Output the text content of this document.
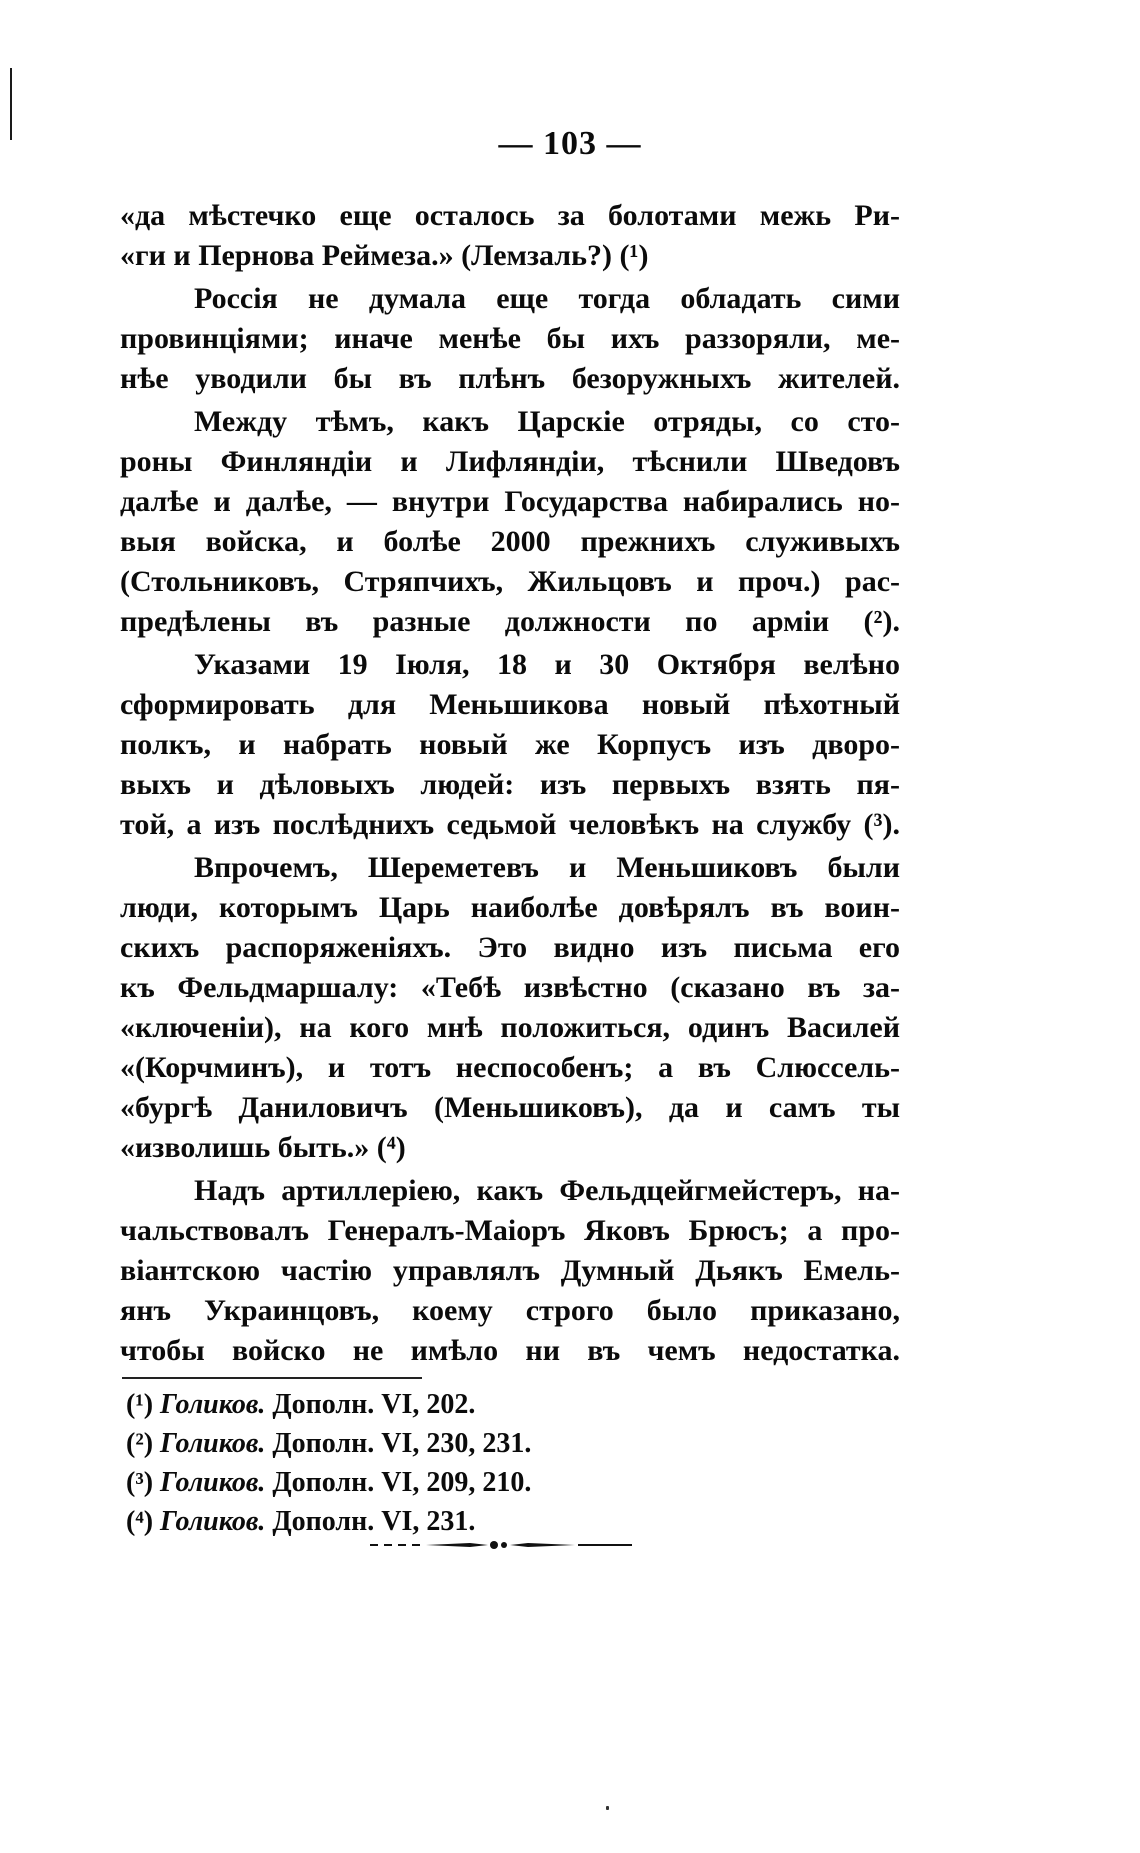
— 103 —
«да мѣстечко еще осталось за болотами межь Ри-
«ги и Пернова Реймеза.» (Лемзаль?) (¹)
Россія не думала еще тогда обладать сими
провинціями; иначе менѣе бы ихъ раззоряли, ме-
нѣе уводили бы въ плѣнъ безоружныхъ жителей.
Между тѣмъ, какъ Царскіе отряды, со сто-
роны Финляндіи и Лифляндіи, тѣснили Шведовъ
далѣе и далѣе, — внутри Государства набирались но-
выя войска, и болѣе 2000 прежнихъ служивыхъ
(Стольниковъ, Стряпчихъ, Жильцовъ и проч.) рас-
предѣлены въ разные должности по арміи (²).
Указами 19 Іюля, 18 и 30 Октября велѣно
сформировать для Меньшикова новый пѣхотный
полкъ, и набрать новый же Корпусъ изъ дворо-
выхъ и дѣловыхъ людей: изъ первыхъ взять пя-
той, а изъ послѣднихъ седьмой человѣкъ на службу (³).
Впрочемъ, Шереметевъ и Меньшиковъ были
люди, которымъ Царь наиболѣе довѣрялъ въ воин-
скихъ распоряженіяхъ. Это видно изъ письма его
къ Фельдмаршалу: «Тебѣ извѣстно (сказано въ за-
«ключеніи), на кого мнѣ положиться, одинъ Василей
«(Корчминъ), и тотъ неспособенъ; а въ Слюссель-
«бургѣ Даниловичъ (Меньшиковъ), да и самъ ты
«изволишь быть.» (⁴)
Надъ артиллеріею, какъ Фельдцейгмейстеръ, на-
чальствовалъ Генералъ-Маіоръ Яковъ Брюсъ; а про-
віантскою частію управлялъ Думный Дьякъ Емель-
янъ Украинцовъ, коему строго было приказано,
чтобы войско не имѣло ни въ чемъ недостатка.
(¹) Голиков. Дополн. VI, 202.
(²) Голиков. Дополн. VI, 230, 231.
(³) Голиков. Дополн. VI, 209, 210.
(⁴) Голиков. Дополн. VI, 231.
